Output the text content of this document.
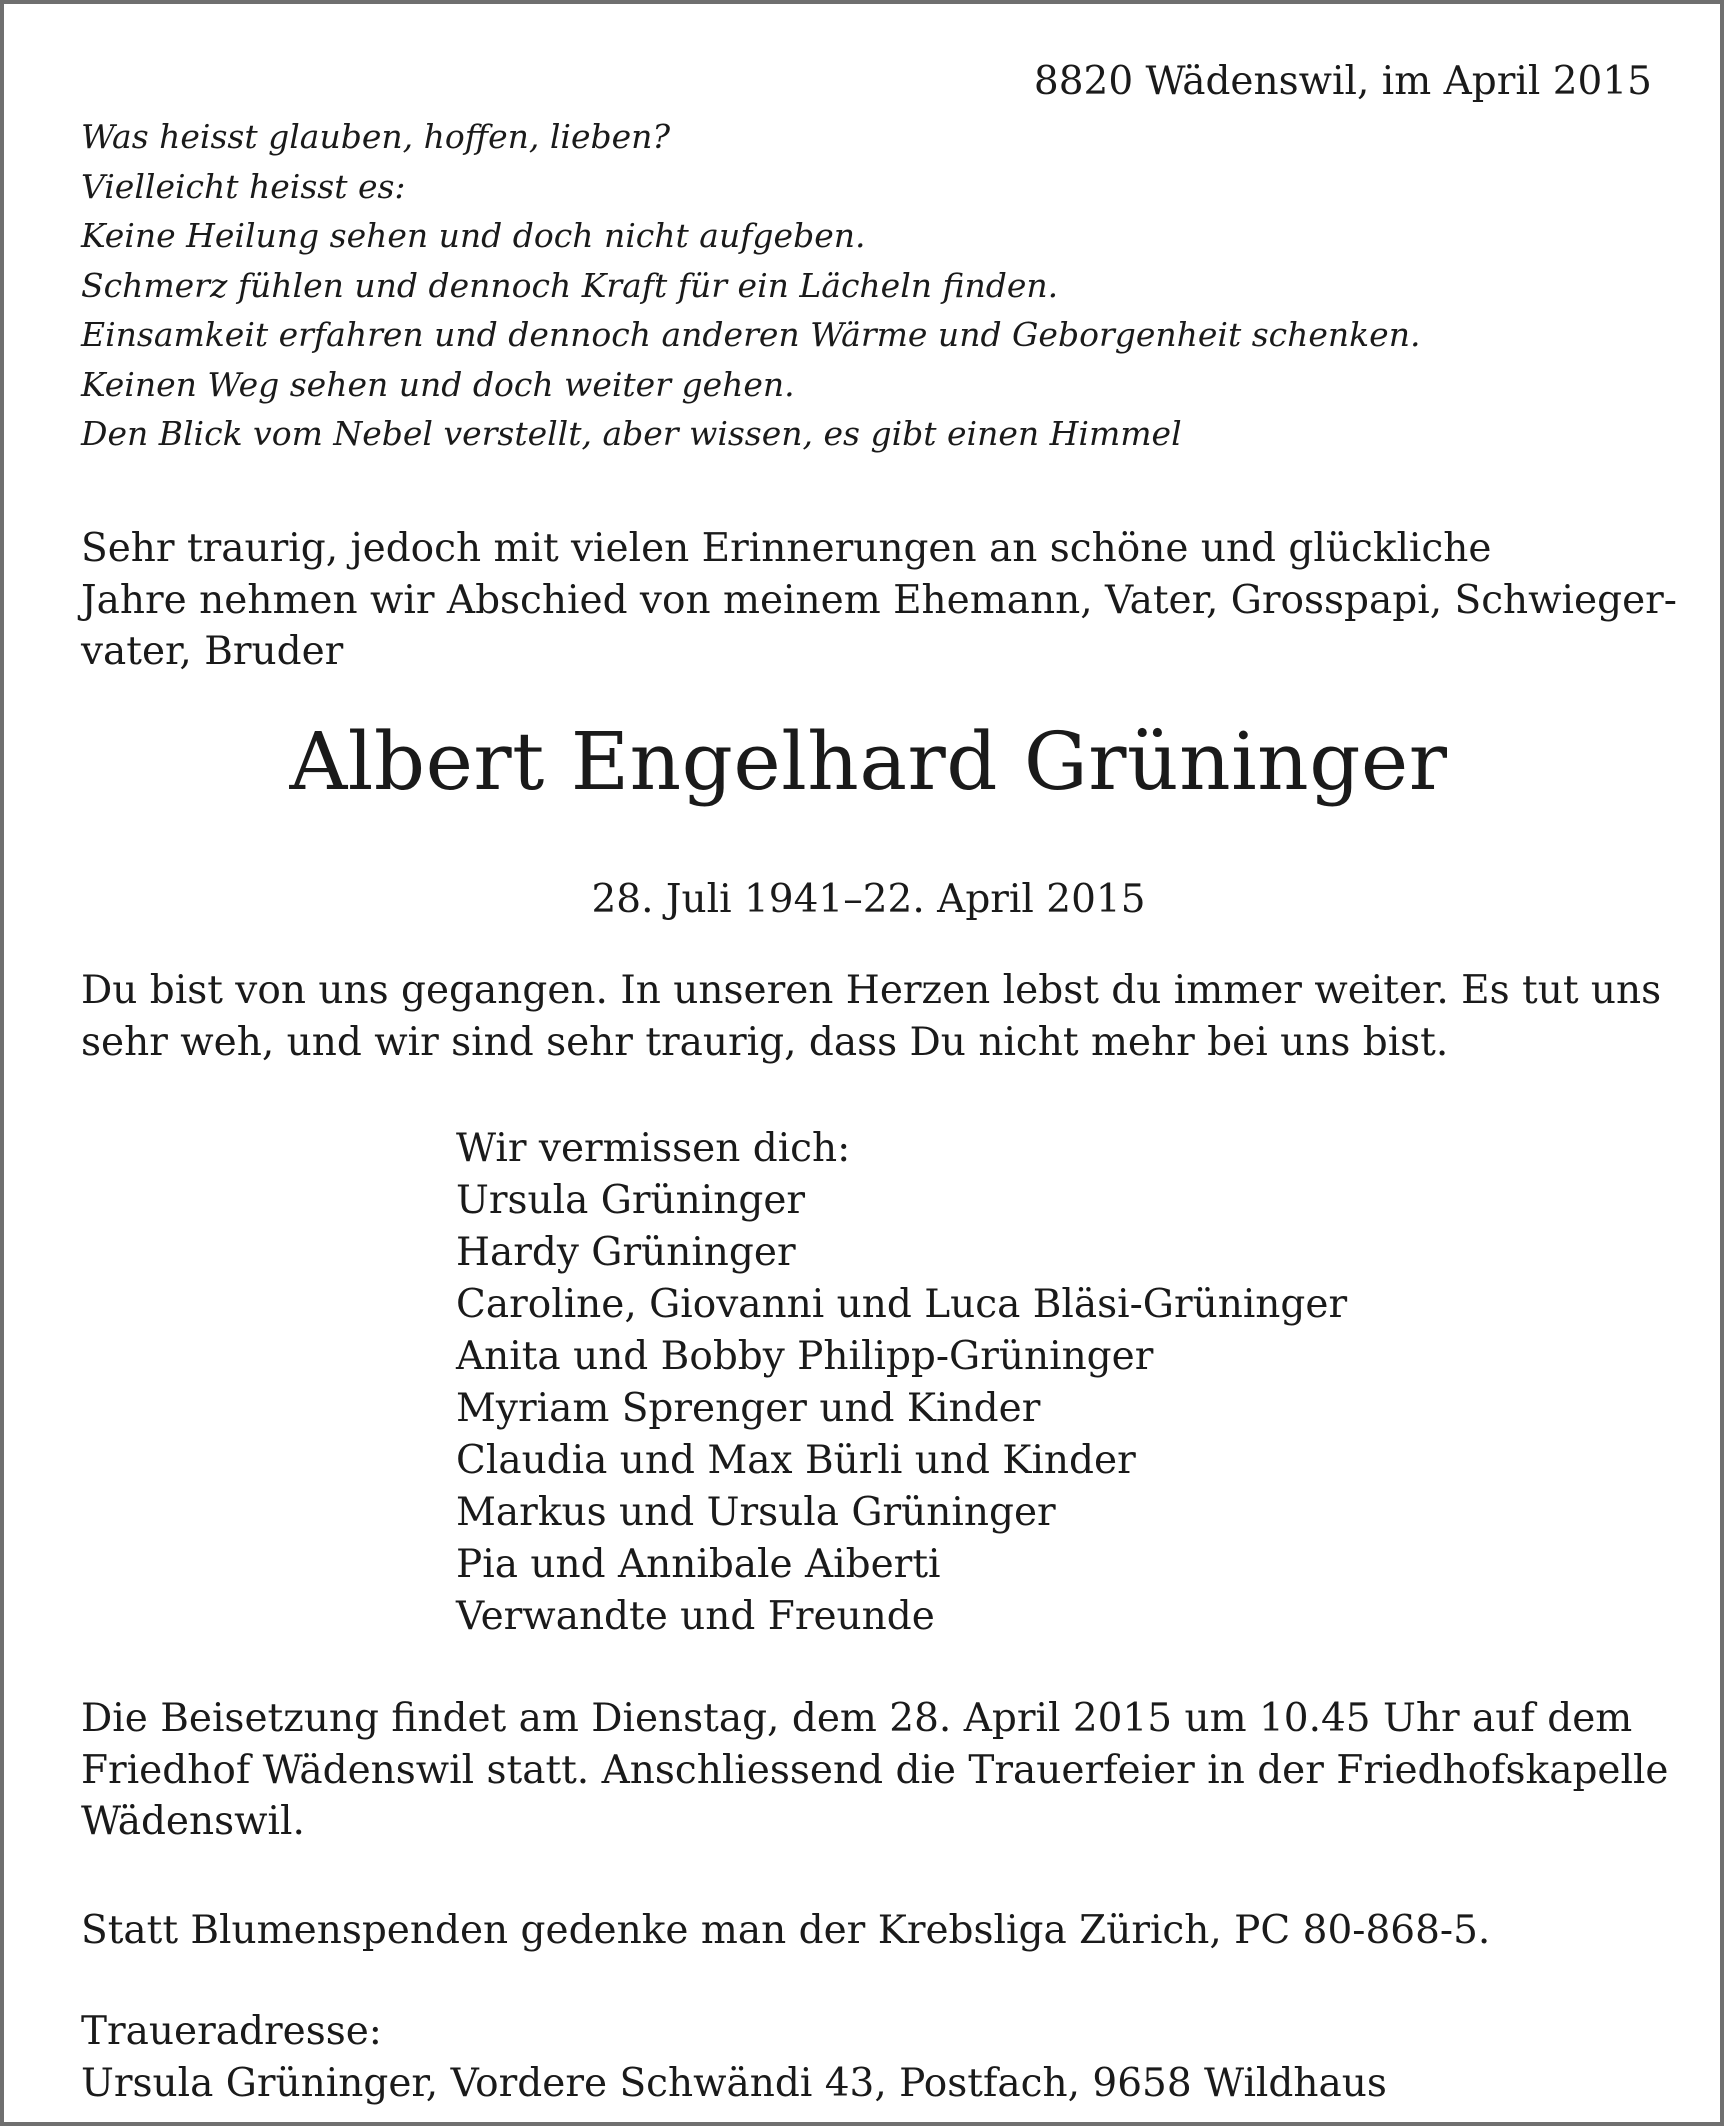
8820 Wädenswil, im April 2015
Was heisst glauben, hoffen, lieben?
Vielleicht heisst es:
Keine Heilung sehen und doch nicht aufgeben.
Schmerz fühlen und dennoch Kraft für ein Lächeln finden.
Einsamkeit erfahren und dennoch anderen Wärme und Geborgenheit schenken.
Keinen Weg sehen und doch weiter gehen.
Den Blick vom Nebel verstellt, aber wissen, es gibt einen Himmel
Sehr traurig, jedoch mit vielen Erinnerungen an schöne und glückliche
Jahre nehmen wir Abschied von meinem Ehemann, Vater, Grosspapi, Schwieger-
vater, Bruder
Albert Engelhard Grüninger
28. Juli 1941–22. April 2015
Du bist von uns gegangen. In unseren Herzen lebst du immer weiter. Es tut uns
sehr weh, und wir sind sehr traurig, dass Du nicht mehr bei uns bist.
Wir vermissen dich:
Ursula Grüninger
Hardy Grüninger
Caroline, Giovanni und Luca Bläsi-Grüninger
Anita und Bobby Philipp-Grüninger
Myriam Sprenger und Kinder
Claudia und Max Bürli und Kinder
Markus und Ursula Grüninger
Pia und Annibale Aiberti
Verwandte und Freunde
Die Beisetzung findet am Dienstag, dem 28. April 2015 um 10.45 Uhr auf dem
Friedhof Wädenswil statt. Anschliessend die Trauerfeier in der Friedhofskapelle
Wädenswil.
Statt Blumenspenden gedenke man der Krebsliga Zürich, PC 80-868-5.
Traueradresse:
Ursula Grüninger, Vordere Schwändi 43, Postfach, 9658 Wildhaus
